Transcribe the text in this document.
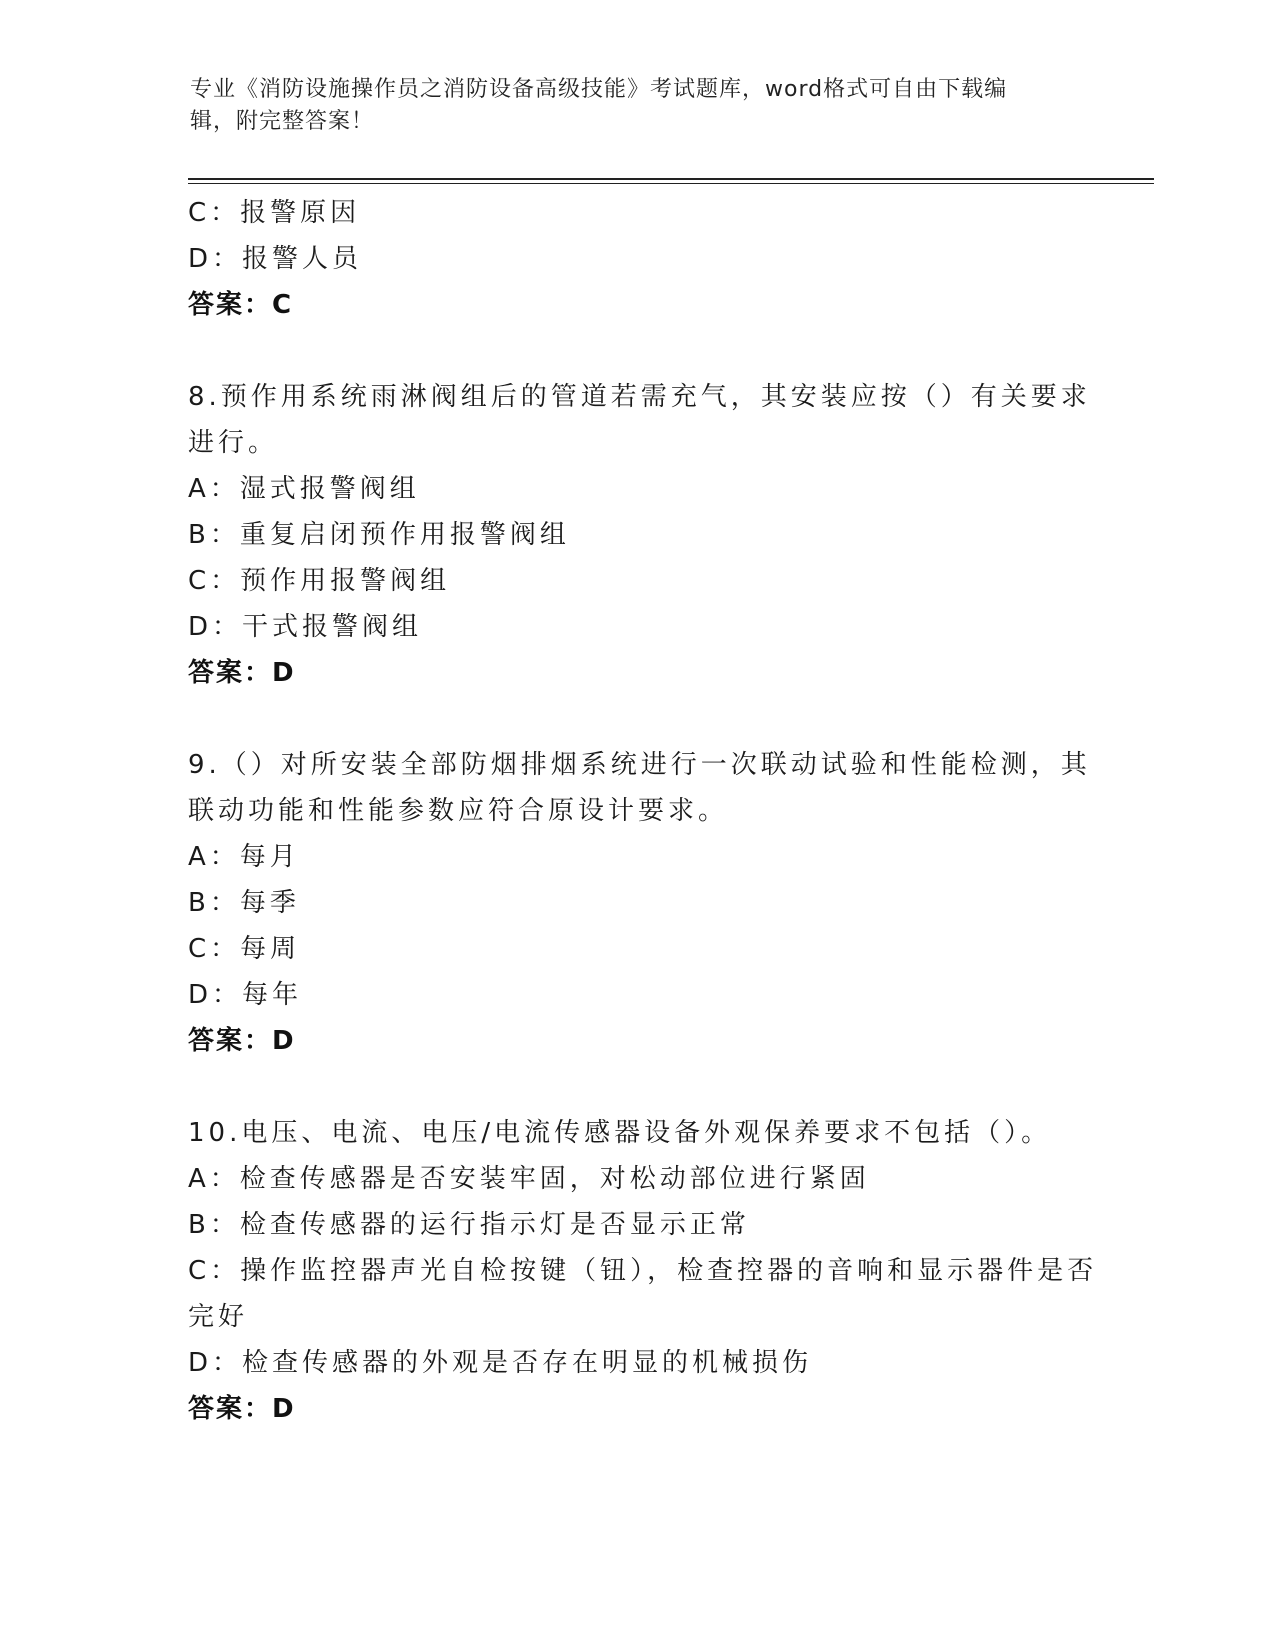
专业《消防设施操作员之消防设备高级技能》考试题库，word格式可自由下载编
辑，附完整答案！
C：报警原因
D：报警人员
答案：C
8.预作用系统雨淋阀组后的管道若需充气，其安装应按（）有关要求
进行。
A：湿式报警阀组
B：重复启闭预作用报警阀组
C：预作用报警阀组
D：干式报警阀组
答案：D
9.（）对所安装全部防烟排烟系统进行一次联动试验和性能检测，其
联动功能和性能参数应符合原设计要求。
A：每月
B：每季
C：每周
D：每年
答案：D
10.电压、电流、电压/电流传感器设备外观保养要求不包括（）。
A：检查传感器是否安装牢固，对松动部位进行紧固
B：检查传感器的运行指示灯是否显示正常
C：操作监控器声光自检按键（钮），检查控器的音响和显示器件是否
完好
D：检查传感器的外观是否存在明显的机械损伤
答案：D
